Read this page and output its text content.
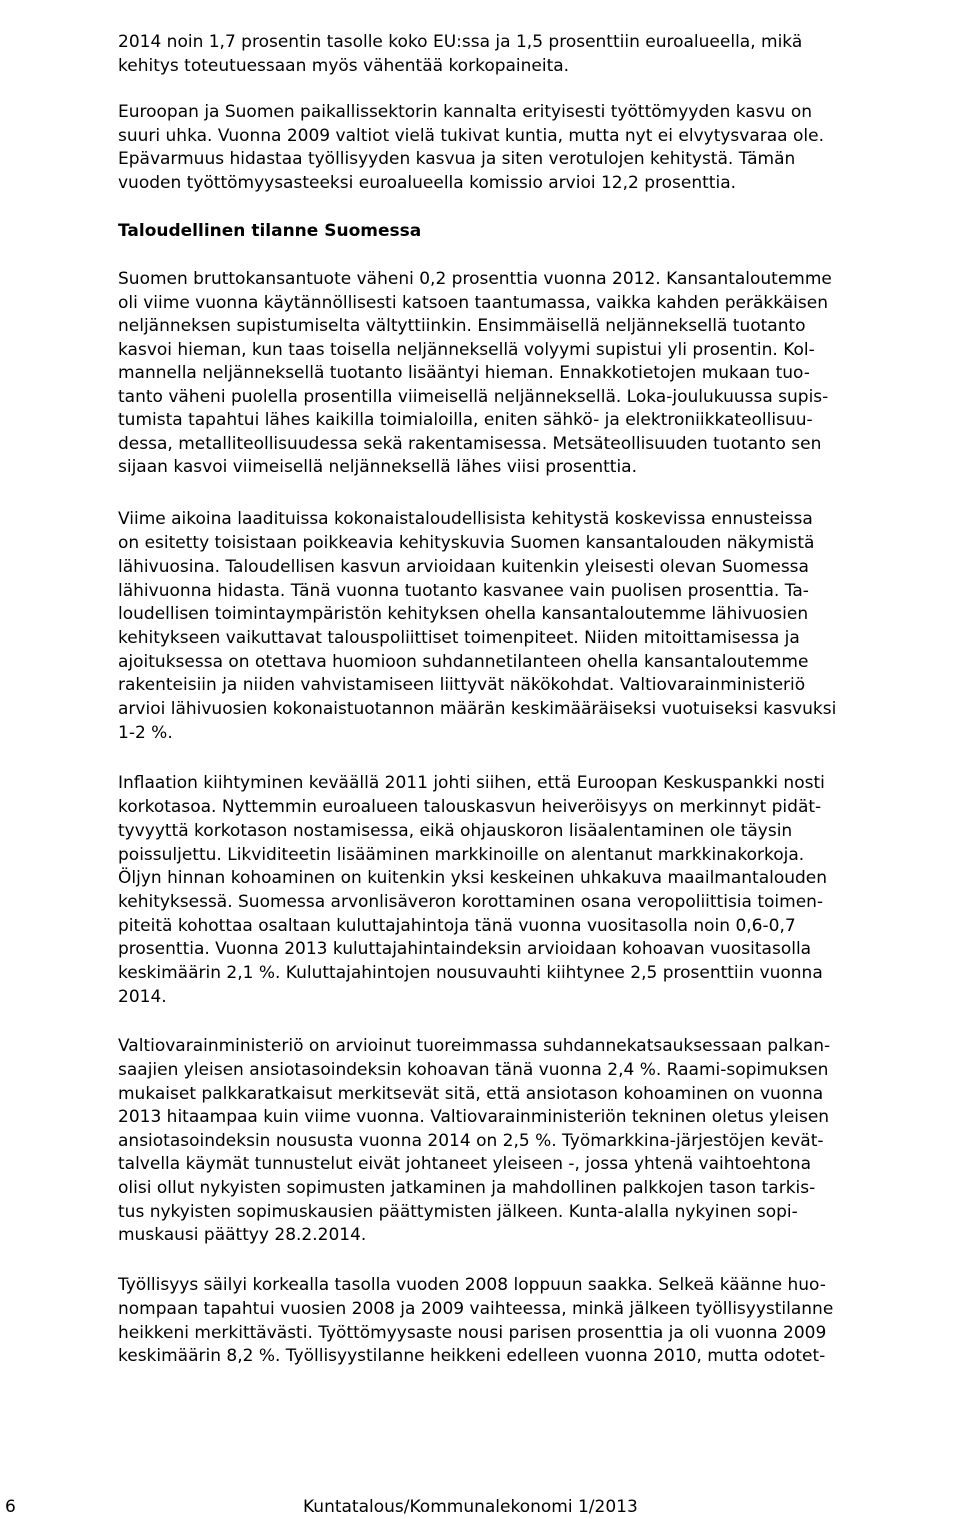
2014 noin 1,7 prosentin tasolle koko EU:ssa ja 1,5 prosenttiin euroalueella, mikä

kehitys toteutuessaan myös vähentää korkopaineita.

Euroopan ja Suomen paikallissektorin kannalta erityisesti työttömyyden kasvu on

suuri uhka. Vuonna 2009 valtiot vielä tukivat kuntia, mutta nyt ei elvytysvaraa ole.

Epävarmuus hidastaa työllisyyden kasvua ja siten verotulojen kehitystä. Tämän

vuoden työttömyysasteeksi euroalueella komissio arvioi 12,2 prosenttia.

Taloudellinen tilanne Suomessa

Suomen bruttokansantuote väheni 0,2 prosenttia vuonna 2012. Kansantaloutemme

oli viime vuonna käytännöllisesti katsoen taantumassa, vaikka kahden peräkkäisen

neljänneksen supistumiselta vältyttiinkin. Ensimmäisellä neljänneksellä tuotanto

kasvoi hieman, kun taas toisella neljänneksellä volyymi supistui yli prosentin. Kol-

mannella neljänneksellä tuotanto lisääntyi hieman. Ennakkotietojen mukaan tuo-

tanto väheni puolella prosentilla viimeisellä neljänneksellä. Loka-joulukuussa supis-

tumista tapahtui lähes kaikilla toimialoilla, eniten sähkö- ja elektroniikkateollisuu-

dessa, metalliteollisuudessa sekä rakentamisessa. Metsäteollisuuden tuotanto sen

sijaan kasvoi viimeisellä neljänneksellä lähes viisi prosenttia.

Viime aikoina laadituissa kokonaistaloudellisista kehitystä koskevissa ennusteissa

on esitetty toisistaan poikkeavia kehityskuvia Suomen kansantalouden näkymistä

lähivuosina. Taloudellisen kasvun arvioidaan kuitenkin yleisesti olevan Suomessa

lähivuonna hidasta. Tänä vuonna tuotanto kasvanee vain puolisen prosenttia. Ta-

loudellisen toimintaympäristön kehityksen ohella kansantaloutemme lähivuosien

kehitykseen vaikuttavat talouspoliittiset toimenpiteet. Niiden mitoittamisessa ja

ajoituksessa on otettava huomioon suhdannetilanteen ohella kansantaloutemme

rakenteisiin ja niiden vahvistamiseen liittyvät näkökohdat. Valtiovarainministeriö

arvioi lähivuosien kokonaistuotannon määrän keskimääräiseksi vuotuiseksi kasvuksi

1-2 %.

Inflaation kiihtyminen keväällä 2011 johti siihen, että Euroopan Keskuspankki nosti

korkotasoa. Nyttemmin euroalueen talouskasvun heiveröisyys on merkinnyt pidät-

tyvyyttä korkotason nostamisessa, eikä ohjauskoron lisäalentaminen ole täysin

poissuljettu. Likviditeetin lisääminen markkinoille on alentanut markkinakorkoja.

Öljyn hinnan kohoaminen on kuitenkin yksi keskeinen uhkakuva maailmantalouden

kehityksessä. Suomessa arvonlisäveron korottaminen osana veropoliittisia toimen-

piteitä kohottaa osaltaan kuluttajahintoja tänä vuonna vuositasolla noin 0,6-0,7

prosenttia. Vuonna 2013 kuluttajahintaindeksin arvioidaan kohoavan vuositasolla

keskimäärin 2,1 %. Kuluttajahintojen nousuvauhti kiihtynee 2,5 prosenttiin vuonna

2014.

Valtiovarainministeriö on arvioinut tuoreimmassa suhdannekatsauksessaan palkan-

saajien yleisen ansiotasoindeksin kohoavan tänä vuonna 2,4 %. Raami-sopimuksen

mukaiset palkkaratkaisut merkitsevät sitä, että ansiotason kohoaminen on vuonna

2013 hitaampaa kuin viime vuonna. Valtiovarainministeriön tekninen oletus yleisen

ansiotasoindeksin noususta vuonna 2014 on 2,5 %. Työmarkkina-järjestöjen kevät-

talvella käymät tunnustelut eivät johtaneet yleiseen -, jossa yhtenä vaihtoehtona

olisi ollut nykyisten sopimusten jatkaminen ja mahdollinen palkkojen tason tarkis-

tus nykyisten sopimuskausien päättymisten jälkeen. Kunta-alalla nykyinen sopi-

muskausi päättyy 28.2.2014.

Työllisyys säilyi korkealla tasolla vuoden 2008 loppuun saakka. Selkeä käänne huo-

nompaan tapahtui vuosien 2008 ja 2009 vaihteessa, minkä jälkeen työllisyystilanne

heikkeni merkittävästi. Työttömyysaste nousi parisen prosenttia ja oli vuonna 2009

keskimäärin 8,2 %. Työllisyystilanne heikkeni edelleen vuonna 2010, mutta odotet-

6	Kuntatalous/Kommunalekonomi 1/2013
